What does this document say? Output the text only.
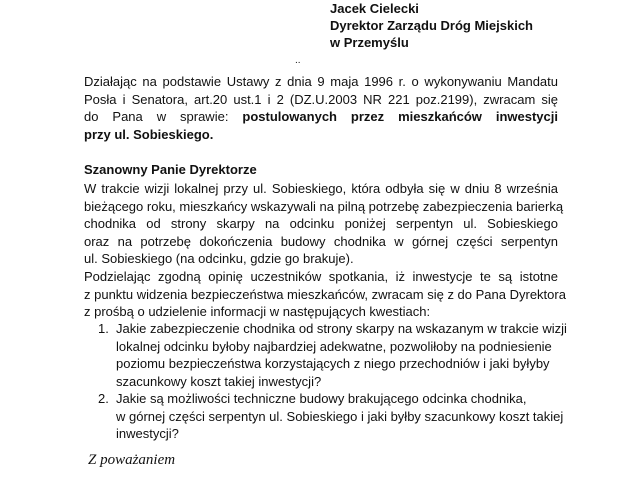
Jacek Cielecki
Dyrektor Zarządu Dróg Miejskich
w Przemyślu
..
Działając na podstawie Ustawy z dnia 9 maja 1996 r. o wykonywaniu Mandatu
Posła i Senatora, art.20 ust.1 i 2 (DZ.U.2003 NR 221 poz.2199), zwracam się
do Pana w sprawie: postulowanych przez mieszkańców inwestycji
przy ul. Sobieskiego.
Szanowny Panie Dyrektorze
W trakcie wizji lokalnej przy ul. Sobieskiego, która odbyła się w dniu 8 września
bieżącego roku, mieszkańcy wskazywali na pilną potrzebę zabezpieczenia barierką
chodnika od strony skarpy na odcinku poniżej serpentyn ul. Sobieskiego
oraz na potrzebę dokończenia budowy chodnika w górnej części serpentyn
ul. Sobieskiego (na odcinku, gdzie go brakuje).
Podzielając zgodną opinię uczestników spotkania, iż inwestycje te są istotne
z punktu widzenia bezpieczeństwa mieszkańców, zwracam się z do Pana Dyrektora
z prośbą o udzielenie informacji w następujących kwestiach:
1. Jakie zabezpieczenie chodnika od strony skarpy na wskazanym w trakcie wizji
lokalnej odcinku byłoby najbardziej adekwatne, pozwoliłoby na podniesienie
poziomu bezpieczeństwa korzystających z niego przechodniów i jaki byłyby
szacunkowy koszt takiej inwestycji?
2. Jakie są możliwości techniczne budowy brakującego odcinka chodnika,
w górnej części serpentyn ul. Sobieskiego i jaki byłby szacunkowy koszt takiej
inwestycji?
Z poważaniem
